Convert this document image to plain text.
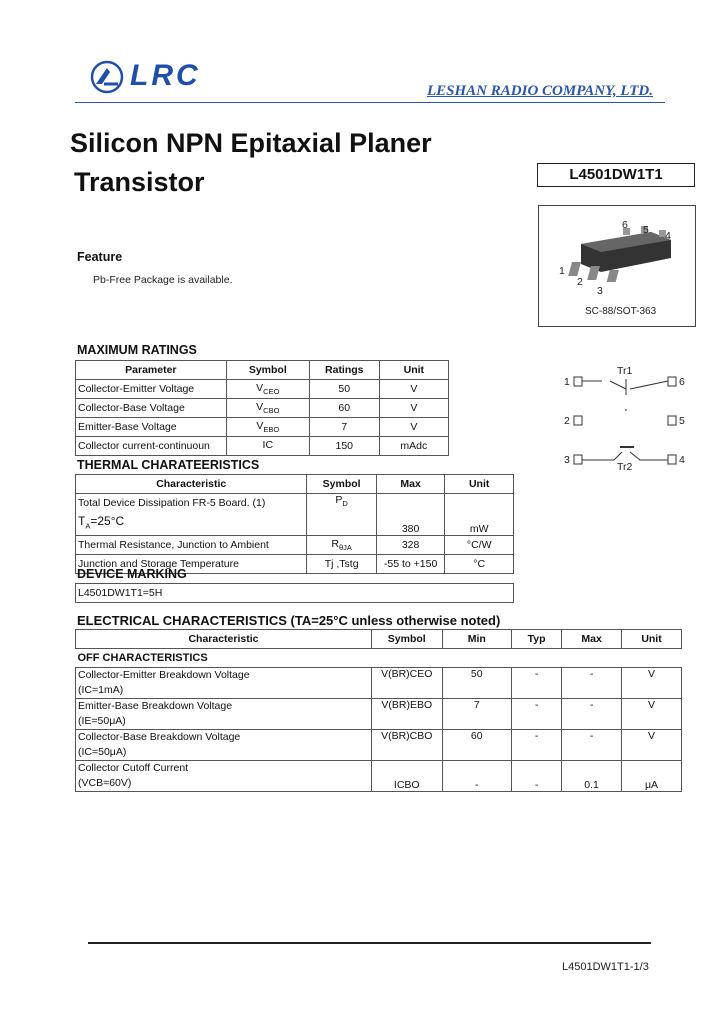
LRC	LESHAN RADIO COMPANY, LTD.
Silicon NPN Epitaxial Planer
Transistor	L4501DW1T1
6 5 4
1
2
3
SC-88/SOT-363
Feature
Pb-Free Package is available.
MAXIMUM RATINGS
Parameter	Symbol	Ratings	Unit
Collector-Emitter Voltage	$V_{CEO}$	50	V
Collector-Base Voltage	$V_{CBO}$	60	V
Emitter-Base Voltage	$V_{EBO}$	7	V
Collector current-continuoun	IC	150	mAdc
1
2
3
6
5
4
Tr1
Tr2
THERMAL CHARATEERISTICS
Characteristic	Symbol	Max	Unit

Total Device Dissipation FR-5 Board. (1)
$T_A=25^\circ C$	$P_D$	380	mW
Thermal Resistance, Junction to Ambient	$R_{\theta JA}$	328	°C/W
Junction and Storage Temperature	Tj ,Tstg	-55 to +150	°C
DEVICE MARKING
L4501DW1T1=5H
ELECTRICAL CHARACTERISTICS (TA=25°C unless otherwise noted)
Characteristic	Symbol	Min	Typ	Max	Unit
OFF CHARACTERISTICS					

Collector-Emitter Breakdown Voltage
(IC=1mA)	V(BR)CEO	50	-	-	V

Emitter-Base Breakdown Voltage
(IE=50μA)	V(BR)EBO	7	-	-	V

Collector-Base Breakdown Voltage
(IC=50μA)	V(BR)CBO	60	-	-	V

Collector Cutoff Current
(VCB=60V)	ICBO	-	-	0.1	μA
L4501DW1T1-1/3
